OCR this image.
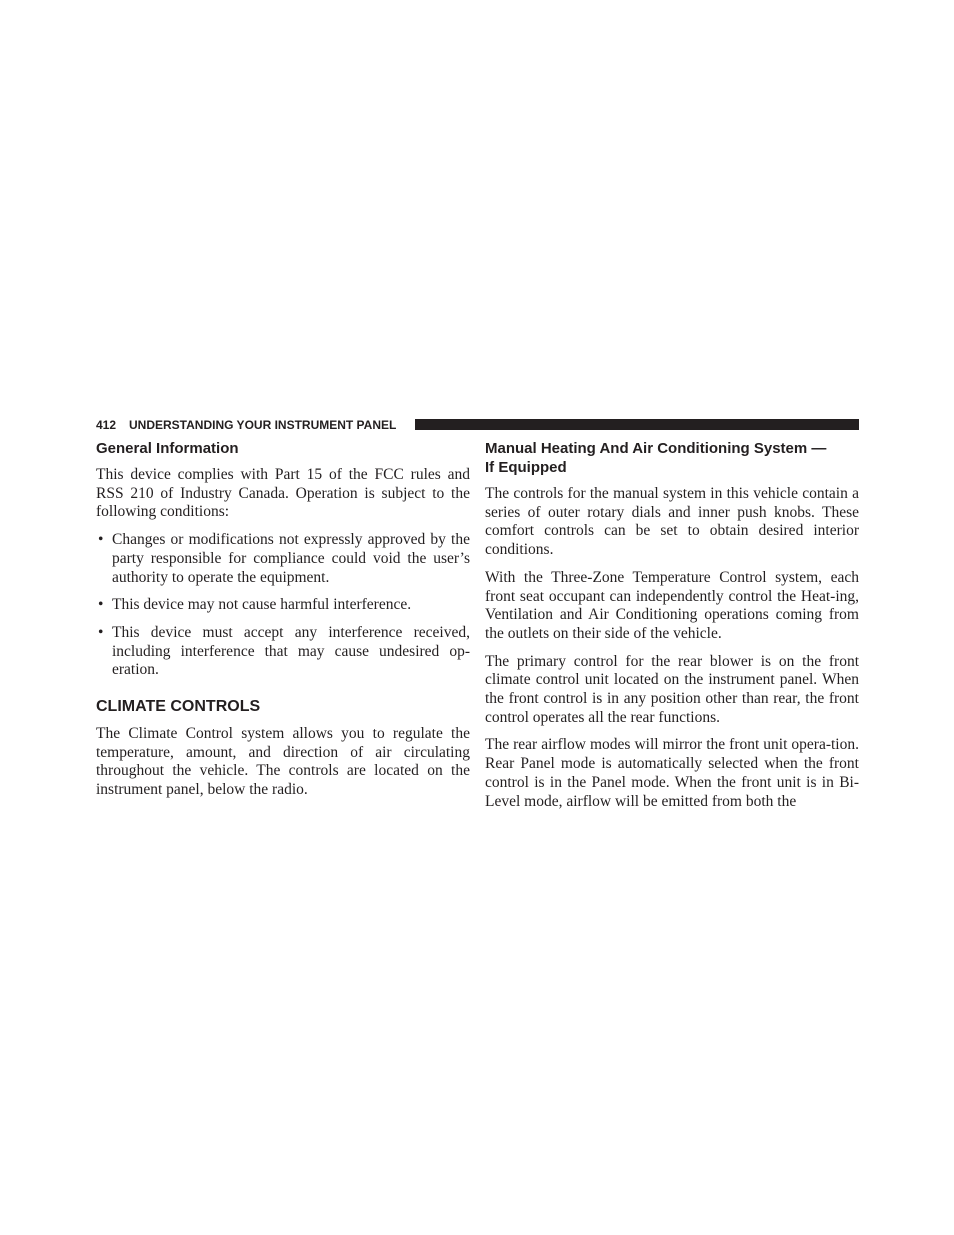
412 UNDERSTANDING YOUR INSTRUMENT PANEL
General Information

This device complies with Part 15 of the FCC rules and RSS 210 of Industry Canada. Operation is subject to the following conditions:

• Changes or modifications not expressly approved by the party responsible for compliance could void the user’s authority to operate the equipment.
• This device may not cause harmful interference.
• This device must accept any interference received, including interference that may cause undesired op-eration.
CLIMATE CONTROLS

The Climate Control system allows you to regulate the temperature, amount, and direction of air circulating throughout the vehicle. The controls are located on the instrument panel, below the radio.

Manual Heating And Air Conditioning System —
If Equipped

The controls for the manual system in this vehicle contain a series of outer rotary dials and inner push knobs. These comfort controls can be set to obtain desired interior conditions.

With the Three-Zone Temperature Control system, each front seat occupant can independently control the Heat-ing, Ventilation and Air Conditioning operations coming from the outlets on their side of the vehicle.

The primary control for the rear blower is on the front climate control unit located on the instrument panel. When the front control is in any position other than rear, the front control operates all the rear functions.

The rear airflow modes will mirror the front unit opera-tion. Rear Panel mode is automatically selected when the front control is in the Panel mode. When the front unit is in Bi-Level mode, airflow will be emitted from both the
